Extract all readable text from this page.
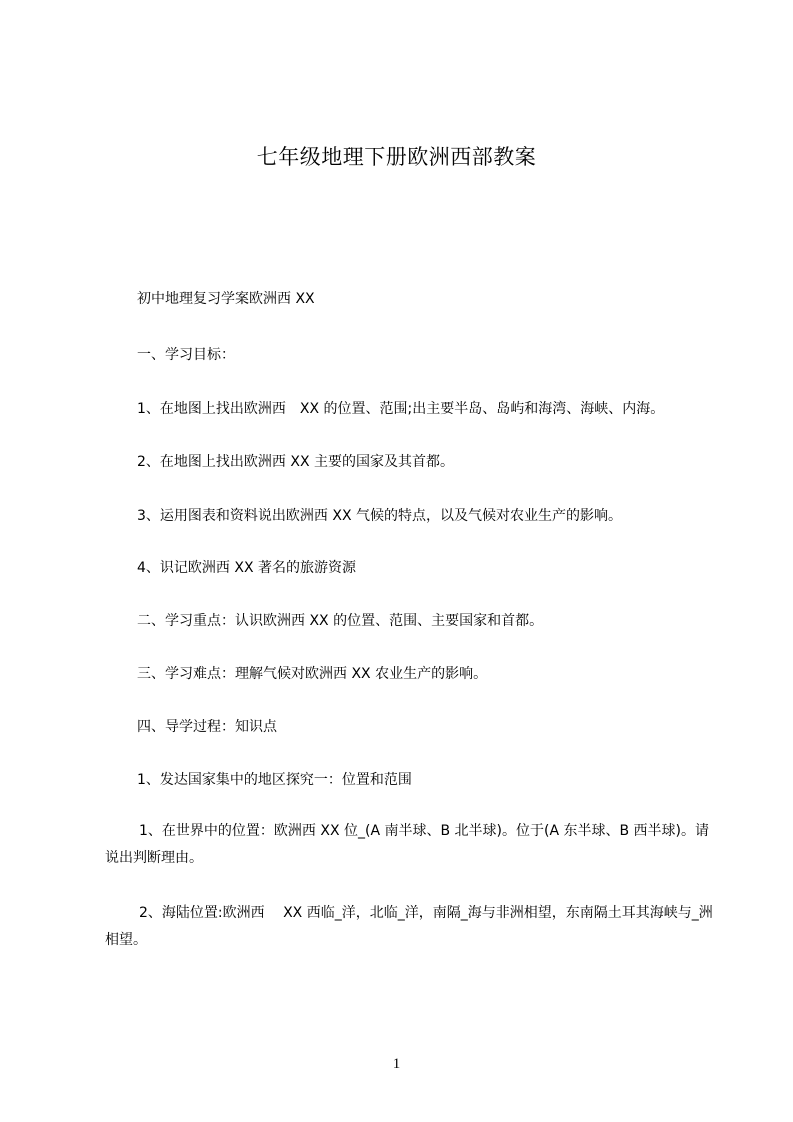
七年级地理下册欧洲西部教案
初中地理复习学案欧洲西 XX
一、学习目标：
1、在地图上找出欧洲西　XX 的位置、范围;出主要半岛、岛屿和海湾、海峡、内海。
2、在地图上找出欧洲西 XX 主要的国家及其首都。
3、运用图表和资料说出欧洲西 XX 气候的特点，以及气候对农业生产的影响。
4、识记欧洲西 XX 著名的旅游资源
二、学习重点：认识欧洲西 XX 的位置、范围、主要国家和首都。
三、学习难点：理解气候对欧洲西 XX 农业生产的影响。
四、导学过程：知识点
1、发达国家集中的地区探究一：位置和范围
1、在世界中的位置：欧洲西 XX 位_(A 南半球、B 北半球)。位于(A 东半球、B 西半球)。请说出判断理由。
2、海陆位置:欧洲西　 XX 西临_洋，北临_洋，南隔_海与非洲相望，东南隔土耳其海峡与_洲相望。
1
